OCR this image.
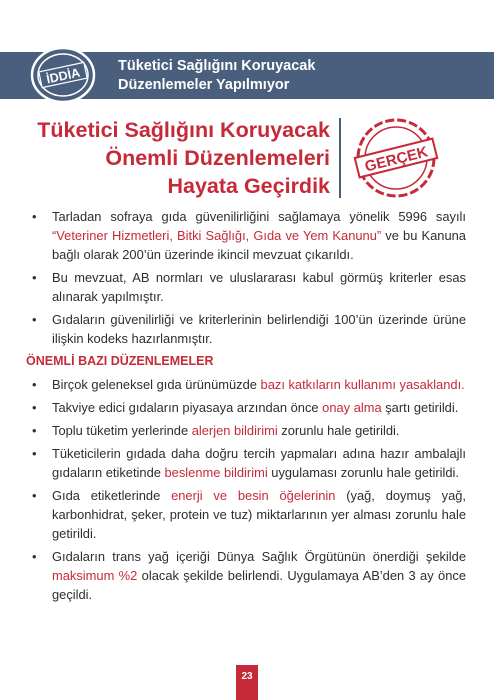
Tüketici Sağlığını Koruyacak
Düzenlemeler Yapılmıyor
İDDİA
Tüketici Sağlığını Koruyacak
Önemli Düzenlemeleri
Hayata Geçirdik
GERÇEK
• Tarladan sofraya gıda güvenilirliğini sağlamaya yönelik 5996 sayılı “Veteriner Hizmetleri, Bitki Sağlığı, Gıda ve Yem Kanunu” ve bu Kanuna bağlı olarak 200’ün üzerinde ikincil mevzuat çıkarıldı.
• Bu mevzuat, AB normları ve uluslararası kabul görmüş kriterler esas alınarak yapılmıştır.
• Gıdaların güvenilirliği ve kriterlerinin belirlendiği 100’ün üzerinde ürüne ilişkin kodeks hazırlanmıştır.
ÖNEMLİ BAZI DÜZENLEMELER
• Birçok geleneksel gıda ürünümüzde bazı katkıların kullanımı yasaklandı.
• Takviye edici gıdaların piyasaya arzından önce onay alma şartı getirildi.
• Toplu tüketim yerlerinde alerjen bildirimi zorunlu hale getirildi.
• Tüketicilerin gıdada daha doğru tercih yapmaları adına hazır ambalajlı gıdaların etiketinde beslenme bildirimi uygulaması zorunlu hale getirildi.
• Gıda etiketlerinde enerji ve besin öğelerinin (yağ, doymuş yağ, karbonhidrat, şeker, protein ve tuz) miktarlarının yer alması zorunlu hale getirildi.
• Gıdaların trans yağ içeriği Dünya Sağlık Örgütünün önerdiği şekilde maksimum %2 olacak şekilde belirlendi. Uygulamaya AB’den 3 ay önce geçildi.
23
